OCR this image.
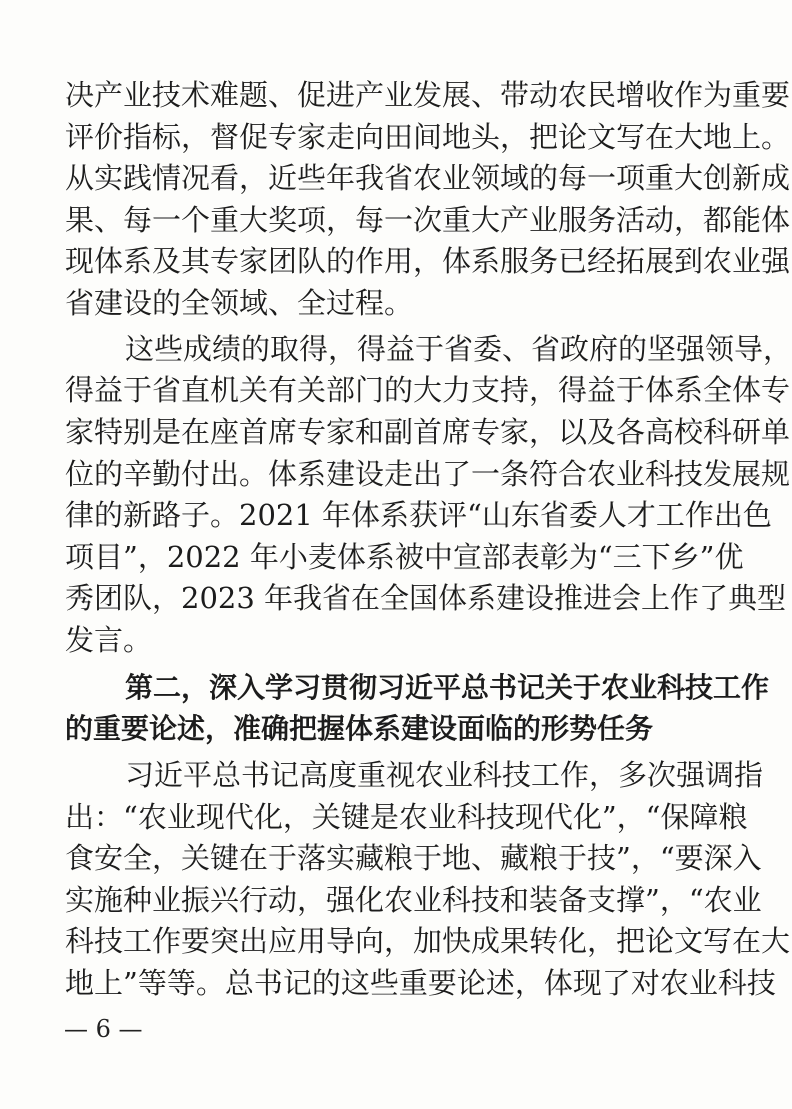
决产业技术难题、促进产业发展、带动农民增收作为重要
评价指标，督促专家走向田间地头，把论文写在大地上。
从实践情况看，近些年我省农业领域的每一项重大创新成
果、每一个重大奖项，每一次重大产业服务活动，都能体
现体系及其专家团队的作用，体系服务已经拓展到农业强
省建设的全领域、全过程。
这些成绩的取得，得益于省委、省政府的坚强领导，
得益于省直机关有关部门的大力支持，得益于体系全体专
家特别是在座首席专家和副首席专家，以及各高校科研单
位的辛勤付出。体系建设走出了一条符合农业科技发展规
律的新路子。2021 年体系获评“山东省委人才工作出色
项目”，2022 年小麦体系被中宣部表彰为“三下乡”优
秀团队，2023 年我省在全国体系建设推进会上作了典型
发言。
第二，深入学习贯彻习近平总书记关于农业科技工作
的重要论述，准确把握体系建设面临的形势任务
习近平总书记高度重视农业科技工作，多次强调指
出：“农业现代化，关键是农业科技现代化”，“保障粮
食安全，关键在于落实藏粮于地、藏粮于技”，“要深入
实施种业振兴行动，强化农业科技和装备支撑”，“农业
科技工作要突出应用导向，加快成果转化，把论文写在大
地上”等等。总书记的这些重要论述，体现了对农业科技
— 6 —
